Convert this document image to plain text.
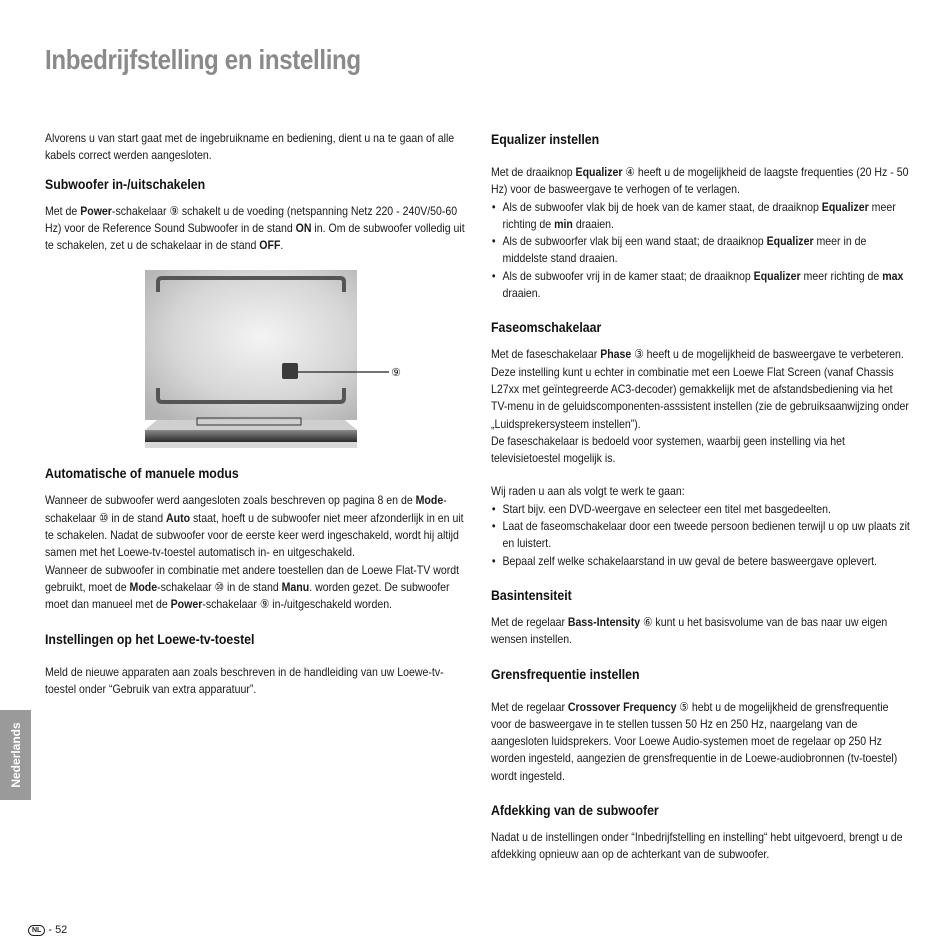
Inbedrijfstelling en instelling

Alvorens u van start gaat met de ingebruikname en bediening, dient u na te gaan of alle kabels correct werden aangesloten.

Subwoofer in-/uitschakelen

Met de Power-schakelaar ⑨ schakelt u de voeding (netspanning Netz 220 - 240V/50-60 Hz) voor de Reference Sound Subwoofer in de stand ON in. Om de subwoofer volledig uit te schakelen, zet u de schakelaar in de stand OFF.

⑨
Automatische of manuele modus

Wanneer de subwoofer werd aangesloten zoals beschreven op pagina 8 en de Mode-schakelaar ⑩ in de stand Auto staat, hoeft u de subwoofer niet meer afzonderlijk in en uit te schakelen. Nadat de subwoofer voor de eerste keer werd ingeschakeld, wordt hij altijd samen met het Loewe-tv-toestel automatisch in- en uitgeschakeld.

Wanneer de subwoofer in combinatie met andere toestellen dan de Loewe Flat-TV wordt gebruikt, moet de Mode-schakelaar ⑩ in de stand Manu. worden gezet. De subwoofer moet dan manueel met de Power-schakelaar ⑨ in-/uitgeschakeld worden.

Instellingen op het Loewe-tv-toestel

Meld de nieuwe apparaten aan zoals beschreven in de handleiding van uw Loewe-tv-toestel onder “Gebruik van extra apparatuur”.

Equalizer instellen

Met de draaiknop Equalizer ④ heeft u de mogelijkheid de laagste frequenties (20 Hz - 50 Hz) voor de basweergave te verhogen of te verlagen.

• Als de subwoofer vlak bij de hoek van de kamer staat, de draaiknop Equalizer meer richting de min draaien.
• Als de subwoorfer vlak bij een wand staat; de draaiknop Equalizer meer in de middelste stand draaien.
• Als de subwoofer vrij in de kamer staat; de draaiknop Equalizer meer richting de max draaien.
Faseomschakelaar

Met de faseschakelaar Phase ③ heeft u de mogelijkheid de basweergave te verbeteren. Deze instelling kunt u echter in combinatie met een Loewe Flat Screen (vanaf Chassis L27xx met geïntegreerde AC3-decoder) gemakkelijk met de afstandsbediening via het TV-menu in de geluidscomponenten-asssistent instellen (zie de gebruiksaanwijzing onder „Luidsprekersysteem instellen”).

De faseschakelaar is bedoeld voor systemen, waarbij geen instelling via het televisietoestel mogelijk is.

Wij raden u aan als volgt te werk te gaan:

• Start bijv. een DVD-weergave en selecteer een titel met basgedeelten.
• Laat de faseomschakelaar door een tweede persoon bedienen terwijl u op uw plaats zit en luistert.
• Bepaal zelf welke schakelaarstand in uw geval de betere basweergave oplevert.
Basintensiteit

Met de regelaar Bass-Intensity ⑥ kunt u het basisvolume van de bas naar uw eigen wensen instellen.

Grensfrequentie instellen

Met de regelaar Crossover Frequency ⑤ hebt u de mogelijkheid de grensfrequentie voor de basweergave in te stellen tussen 50 Hz en 250 Hz, naargelang van de aangesloten luidsprekers. Voor Loewe Audio-systemen moet de regelaar op 250 Hz worden ingesteld, aangezien de grensfrequentie in de Loewe-audiobronnen (tv-toestel) wordt ingesteld.

Afdekking van de subwoofer

Nadat u de instellingen onder “Inbedrijfstelling en instelling“ hebt uitgevoerd, brengt u de afdekking opnieuw aan op de achterkant van de subwoofer.

Nederlands
NL - 52
